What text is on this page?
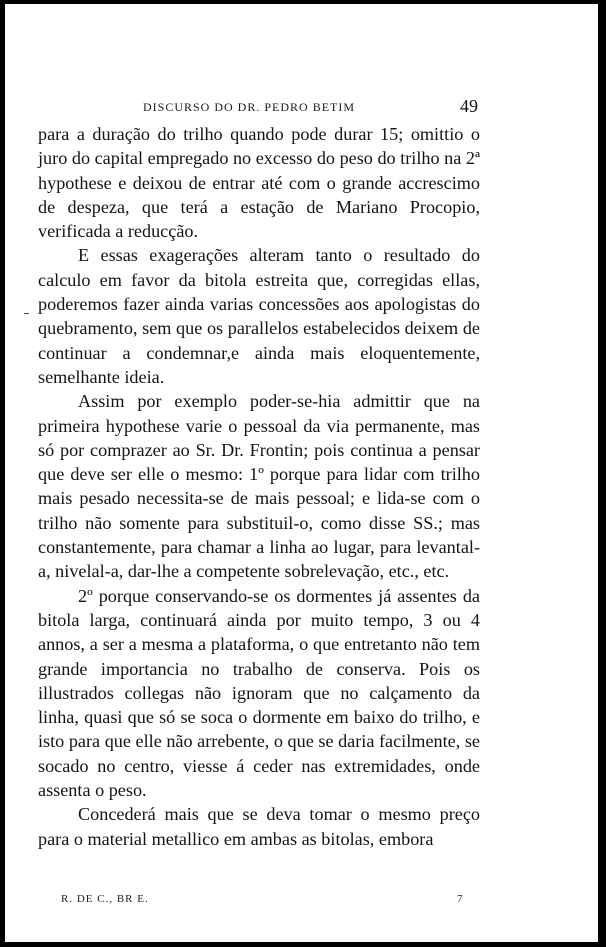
DISCURSO DO DR. PEDRO BETIM	49

para a duração do trilho quando pode durar 15; omittio o juro do capital empregado no excesso do peso do trilho na 2ª hypothese e deixou de entrar até com o grande accrescimo de despeza, que terá a estação de Mariano Procopio, verificada a reducção.

E essas exagerações alteram tanto o resultado do calculo em favor da bitola estreita que, corregidas ellas, poderemos fazer ainda varias concessões aos apologistas do quebramento, sem que os parallelos estabelecidos deixem de continuar a condemnar,e ainda mais eloquentemente, semelhante ideia.

Assim por exemplo poder-se-hia admittir que na primeira hypothese varie o pessoal da via permanente, mas só por comprazer ao Sr. Dr. Frontin; pois continua a pensar que deve ser elle o mesmo: 1º porque para lidar com trilho mais pesado necessita-se de mais pessoal; e lida-se com o trilho não somente para substituil-o, como disse SS.; mas constantemente, para chamar a linha ao lugar, para levantal-a, nivelal-a, dar-lhe a competente sobrelevação, etc., etc.

2º porque conservando-se os dormentes já assentes da bitola larga, continuará ainda por muito tempo, 3 ou 4 annos, a ser a mesma a plataforma, o que entretanto não tem grande importancia no trabalho de conserva. Pois os illustrados collegas não ignoram que no calçamento da linha, quasi que só se soca o dormente em baixo do trilho, e isto para que elle não arrebente, o que se daria facilmente, se socado no centro, viesse á ceder nas extremidades, onde assenta o peso.

Concederá mais que se deva tomar o mesmo preço para o material metallico em ambas as bitolas, embora

R. DE C., BR E.	7
